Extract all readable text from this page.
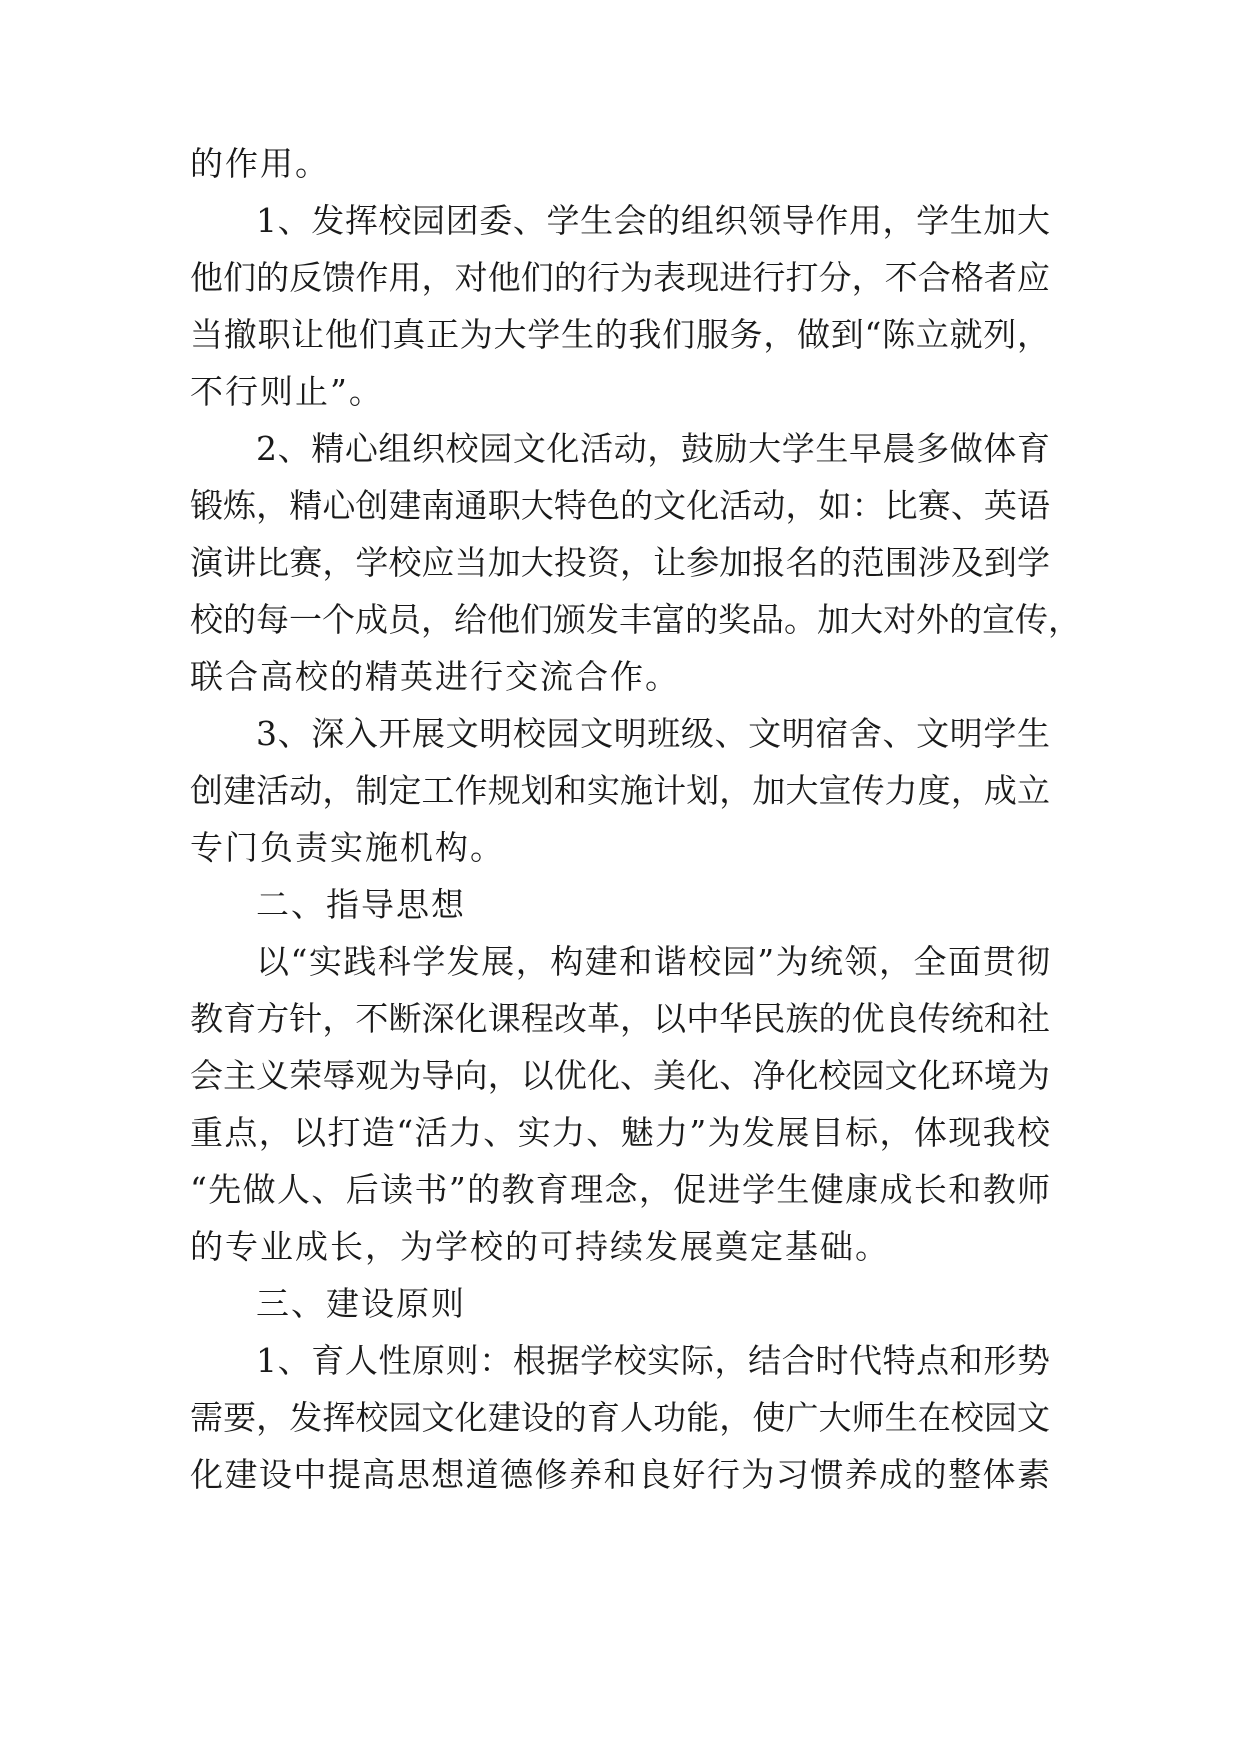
的作用。
1、发挥校园团委、学生会的组织领导作用，学生加大
他们的反馈作用，对他们的行为表现进行打分，不合格者应
当撤职让他们真正为大学生的我们服务，做到“陈立就列，
不行则止”。
2、精心组织校园文化活动，鼓励大学生早晨多做体育
锻炼，精心创建南通职大特色的文化活动，如：比赛、英语
演讲比赛，学校应当加大投资，让参加报名的范围涉及到学
校的每一个成员，给他们颁发丰富的奖品。加大对外的宣传，
联合高校的精英进行交流合作。
3、深入开展文明校园文明班级、文明宿舍、文明学生
创建活动，制定工作规划和实施计划，加大宣传力度，成立
专门负责实施机构。
二、指导思想
以“实践科学发展，构建和谐校园”为统领，全面贯彻
教育方针，不断深化课程改革，以中华民族的优良传统和社
会主义荣辱观为导向，以优化、美化、净化校园文化环境为
重点，以打造“活力、实力、魅力”为发展目标，体现我校
“先做人、后读书”的教育理念，促进学生健康成长和教师
的专业成长，为学校的可持续发展奠定基础。
三、建设原则
1、育人性原则：根据学校实际，结合时代特点和形势
需要，发挥校园文化建设的育人功能，使广大师生在校园文
化建设中提高思想道德修养和良好行为习惯养成的整体素
